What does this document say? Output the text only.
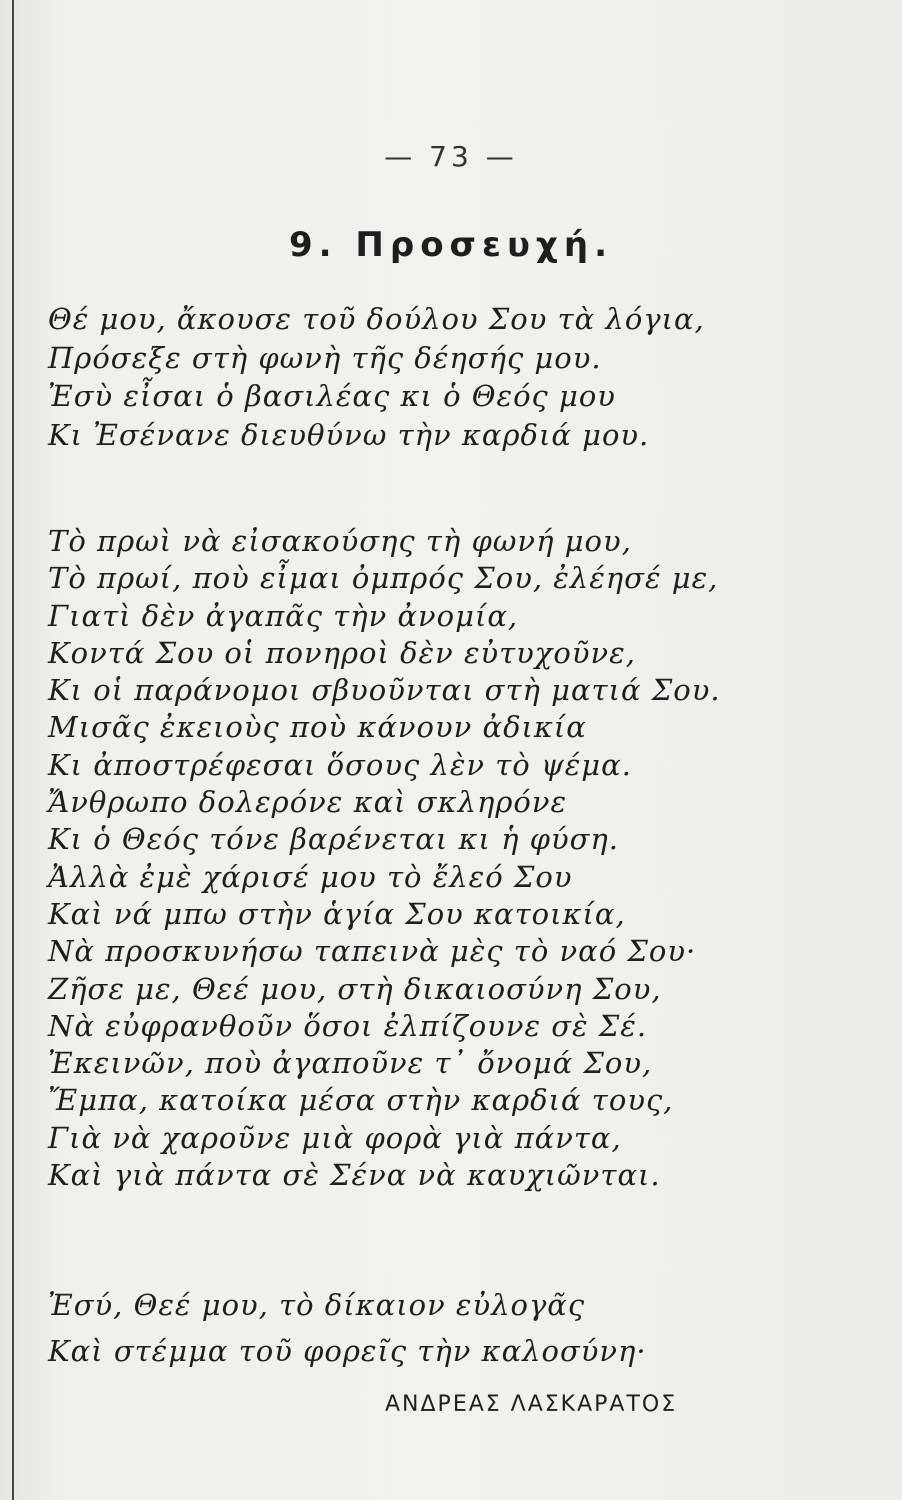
— 73 —
9. Προσευχή.
Θέ μου, ἄκουσε τοῦ δούλου Σου τὰ λόγια,
Πρόσεξε στὴ φωνὴ τῆς δέησής μου.
Ἐσὺ εἶσαι ὁ βασιλέας κι ὁ Θεός μου
Κι Ἐσένανε διευθύνω τὴν καρδιά μου.
Τὸ πρωὶ νὰ εἰσακούσης τὴ φωνή μου,
Τὸ πρωί, ποὺ εἶμαι ὀμπρός Σου, ἐλέησέ με,
Γιατὶ δὲν ἀγαπᾶς τὴν ἀνομία,
Κοντά Σου οἱ πονηροὶ δὲν εὐτυχοῦνε,
Κι οἱ παράνομοι σβυοῦνται στὴ ματιά Σου.
Μισᾶς ἐκειοὺς ποὺ κάνουν ἀδικία
Κι ἀποστρέφεσαι ὅσους λὲν τὸ ψέμα.
Ἄνθρωπο δολερόνε καὶ σκληρόνε
Κι ὁ Θεός τόνε βαρένεται κι ἡ φύση.
Ἀλλὰ ἐμὲ χάρισέ μου τὸ ἔλεό Σου
Καὶ νά μπω στὴν ἁγία Σου κατοικία,
Νὰ προσκυνήσω ταπεινὰ μὲς τὸ ναό Σου·
Ζῆσε με, Θεέ μου, στὴ δικαιοσύνη Σου,
Νὰ εὐφρανθοῦν ὅσοι ἐλπίζουνε σὲ Σέ.
Ἐκεινῶν, ποὺ ἀγαποῦνε τ᾿ ὄνομά Σου,
Ἔμπα, κατοίκα μέσα στὴν καρδιά τους,
Γιὰ νὰ χαροῦνε μιὰ φορὰ γιὰ πάντα,
Καὶ γιὰ πάντα σὲ Σένα νὰ καυχιῶνται.
Ἐσύ, Θεέ μου, τὸ δίκαιον εὐλογᾶς
Καὶ στέμμα τοῦ φορεῖς τὴν καλοσύνη·
ΑΝΔΡΕΑΣ ΛΑΣΚΑΡΑΤΟΣ
